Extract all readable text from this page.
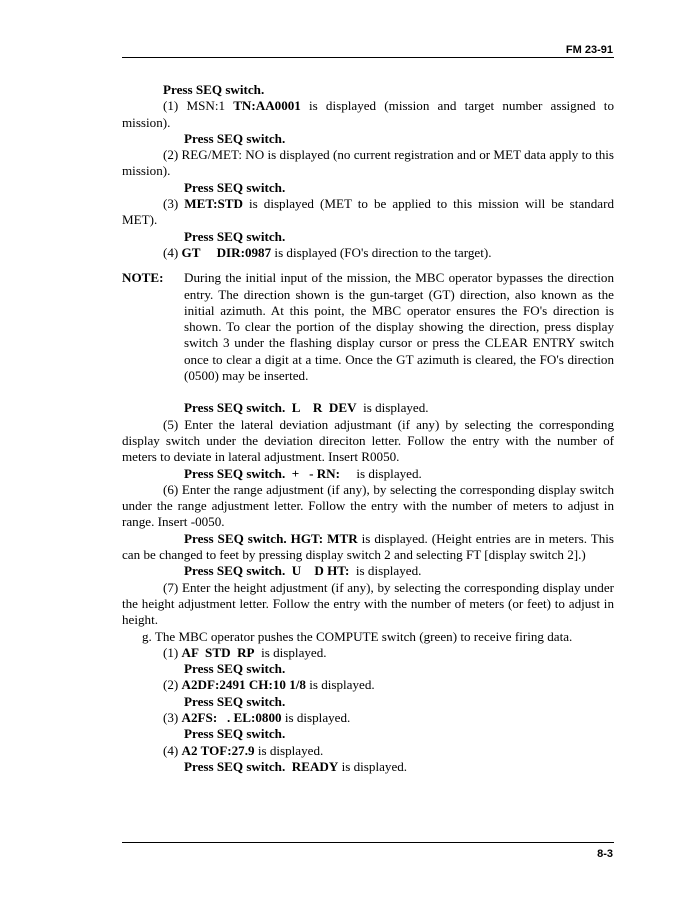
FM 23-91

Press SEQ switch.

(1) MSN:1 TN:AA0001 is displayed (mission and target number assigned to mission).

Press SEQ switch.

(2) REG/MET: NO is displayed (no current registration and or MET data apply to this mission).

Press SEQ switch.

(3) MET:STD is displayed (MET to be applied to this mission will be standard MET).

Press SEQ switch.

(4) GT     DIR:0987 is displayed (FO's direction to the target).

NOTE:	During the initial input of the mission, the MBC operator bypasses the direction entry. The direction shown is the gun-target (GT) direction, also known as the initial azimuth. At this point, the MBC operator ensures the FO's direction is shown. To clear the portion of the display showing the direction, press display switch 3 under the flashing display cursor or press the CLEAR ENTRY switch once to clear a digit at a time. Once the GT azimuth is cleared, the FO's direction (0500) may be inserted.

Press SEQ switch.  L    R  DEV  is displayed.

(5) Enter the lateral deviation adjustmant (if any) by selecting the corresponding display switch under the deviation direciton letter. Follow the entry with the number of meters to deviate in lateral adjustment. Insert R0050.

Press SEQ switch.  +   - RN:     is displayed.

(6) Enter the range adjustment (if any), by selecting the corresponding display switch under the range adjustment letter. Follow the entry with the number of meters to adjust in range. Insert -0050.

Press SEQ switch. HGT: MTR is displayed. (Height entries are in meters. This can be changed to feet by pressing display switch 2 and selecting FT [display switch 2].)

Press SEQ switch.  U    D HT:  is displayed.

(7) Enter the height adjustment (if any), by selecting the corresponding display under the height adjustment letter. Follow the entry with the number of meters (or feet) to adjust in height.

g. The MBC operator pushes the COMPUTE switch (green) to receive firing data.

(1) AF  STD  RP  is displayed.

Press SEQ switch.

(2) A2DF:2491 CH:10 1/8 is displayed.

Press SEQ switch.

(3) A2FS:   . EL:0800 is displayed.

Press SEQ switch.

(4) A2 TOF:27.9 is displayed.

Press SEQ switch.  READY is displayed.

8-3
